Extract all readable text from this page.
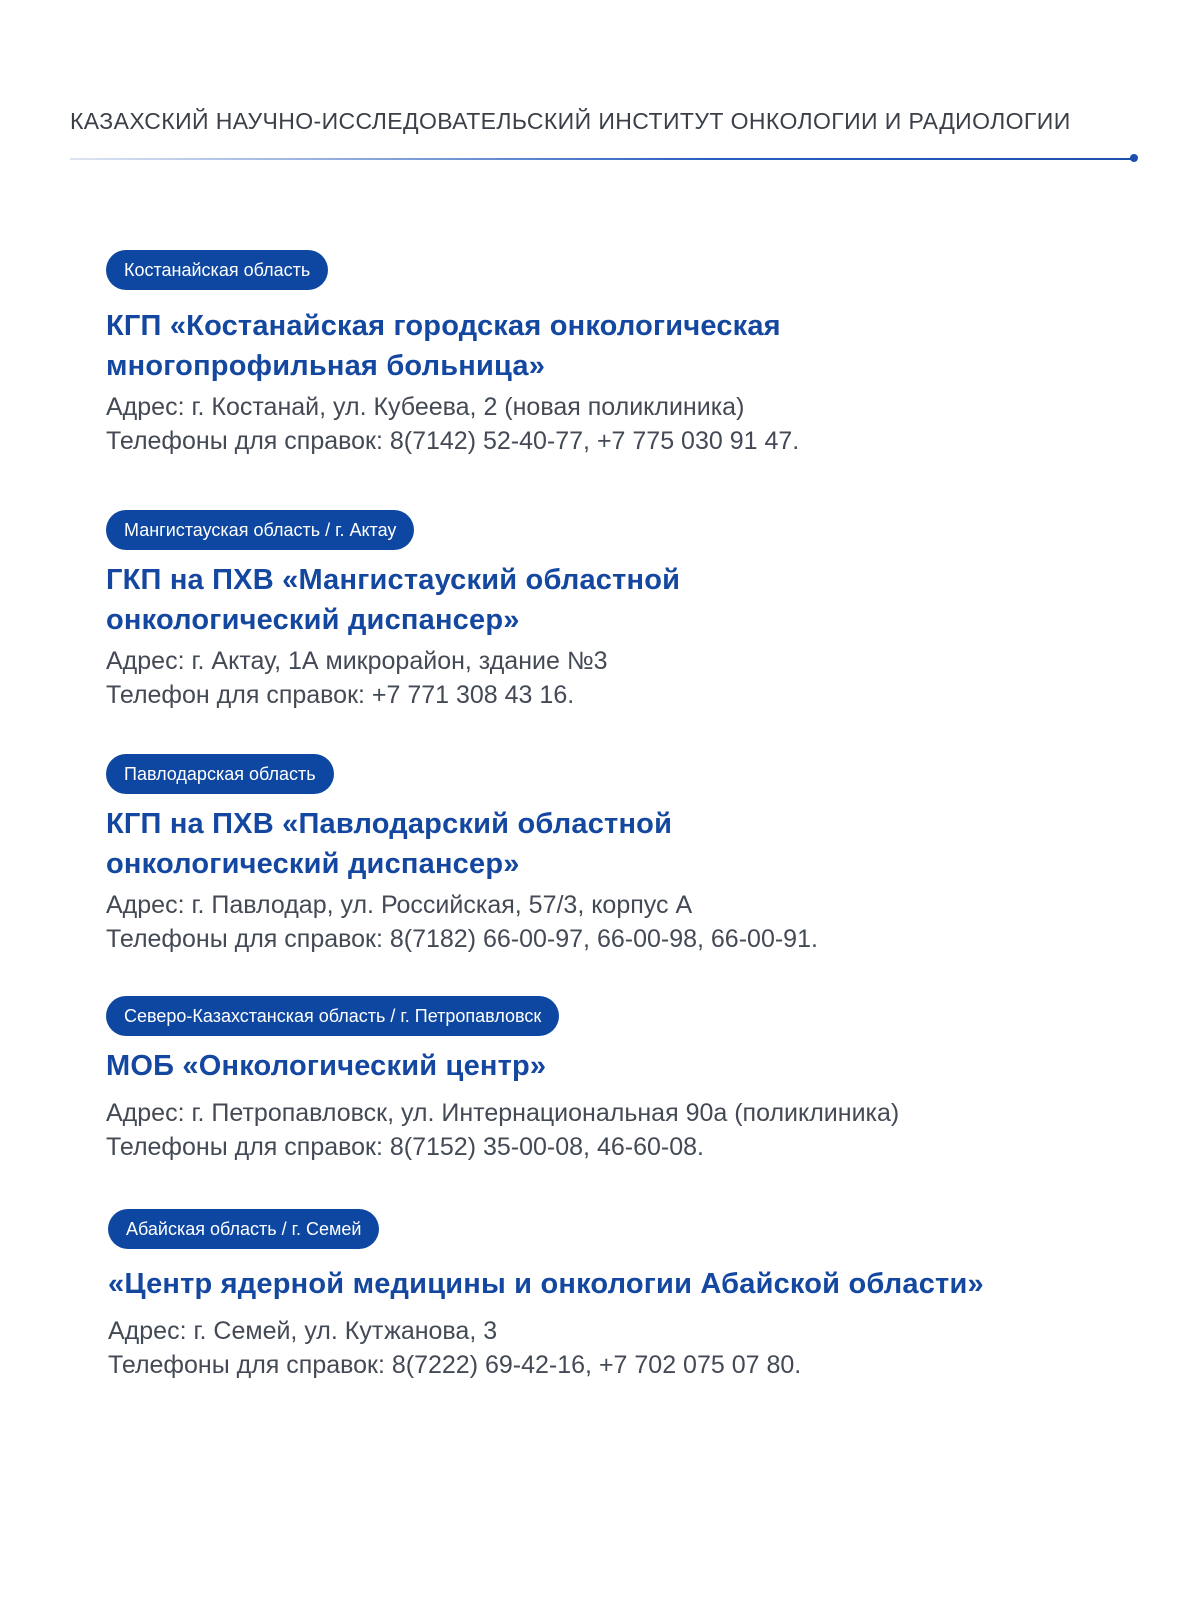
КАЗАХСКИЙ НАУЧНО-ИССЛЕДОВАТЕЛЬСКИЙ ИНСТИТУТ ОНКОЛОГИИ И РАДИОЛОГИИ

Костанайская область

КГП «Костанайская городская онкологическая

многопрофильная больница»

Адрес: г. Костанай, ул. Кубеева, 2 (новая поликлиника)

Телефоны для справок: 8(7142) 52-40-77, +7 775 030 91 47.

Мангистауская область / г. Актау

ГКП на ПХВ «Мангистауский областной

онкологический диспансер»

Адрес: г. Актау, 1А микрорайон, здание №3

Телефон для справок: +7 771 308 43 16.

Павлодарская область

КГП на ПХВ «Павлодарский областной

онкологический диспансер»

Адрес: г. Павлодар, ул. Российская, 57/3, корпус А

Телефоны для справок: 8(7182) 66-00-97, 66-00-98, 66-00-91.

Северо-Казахстанская область / г. Петропавловск

МОБ «Онкологический центр»

Адрес: г. Петропавловск, ул. Интернациональная 90а (поликлиника)

Телефоны для справок: 8(7152) 35-00-08, 46-60-08.

Абайская область / г. Семей

«Центр ядерной медицины и онкологии Абайской области»

Адрес: г. Семей, ул. Кутжанова, 3

Телефоны для справок: 8(7222) 69-42-16, +7 702 075 07 80.
